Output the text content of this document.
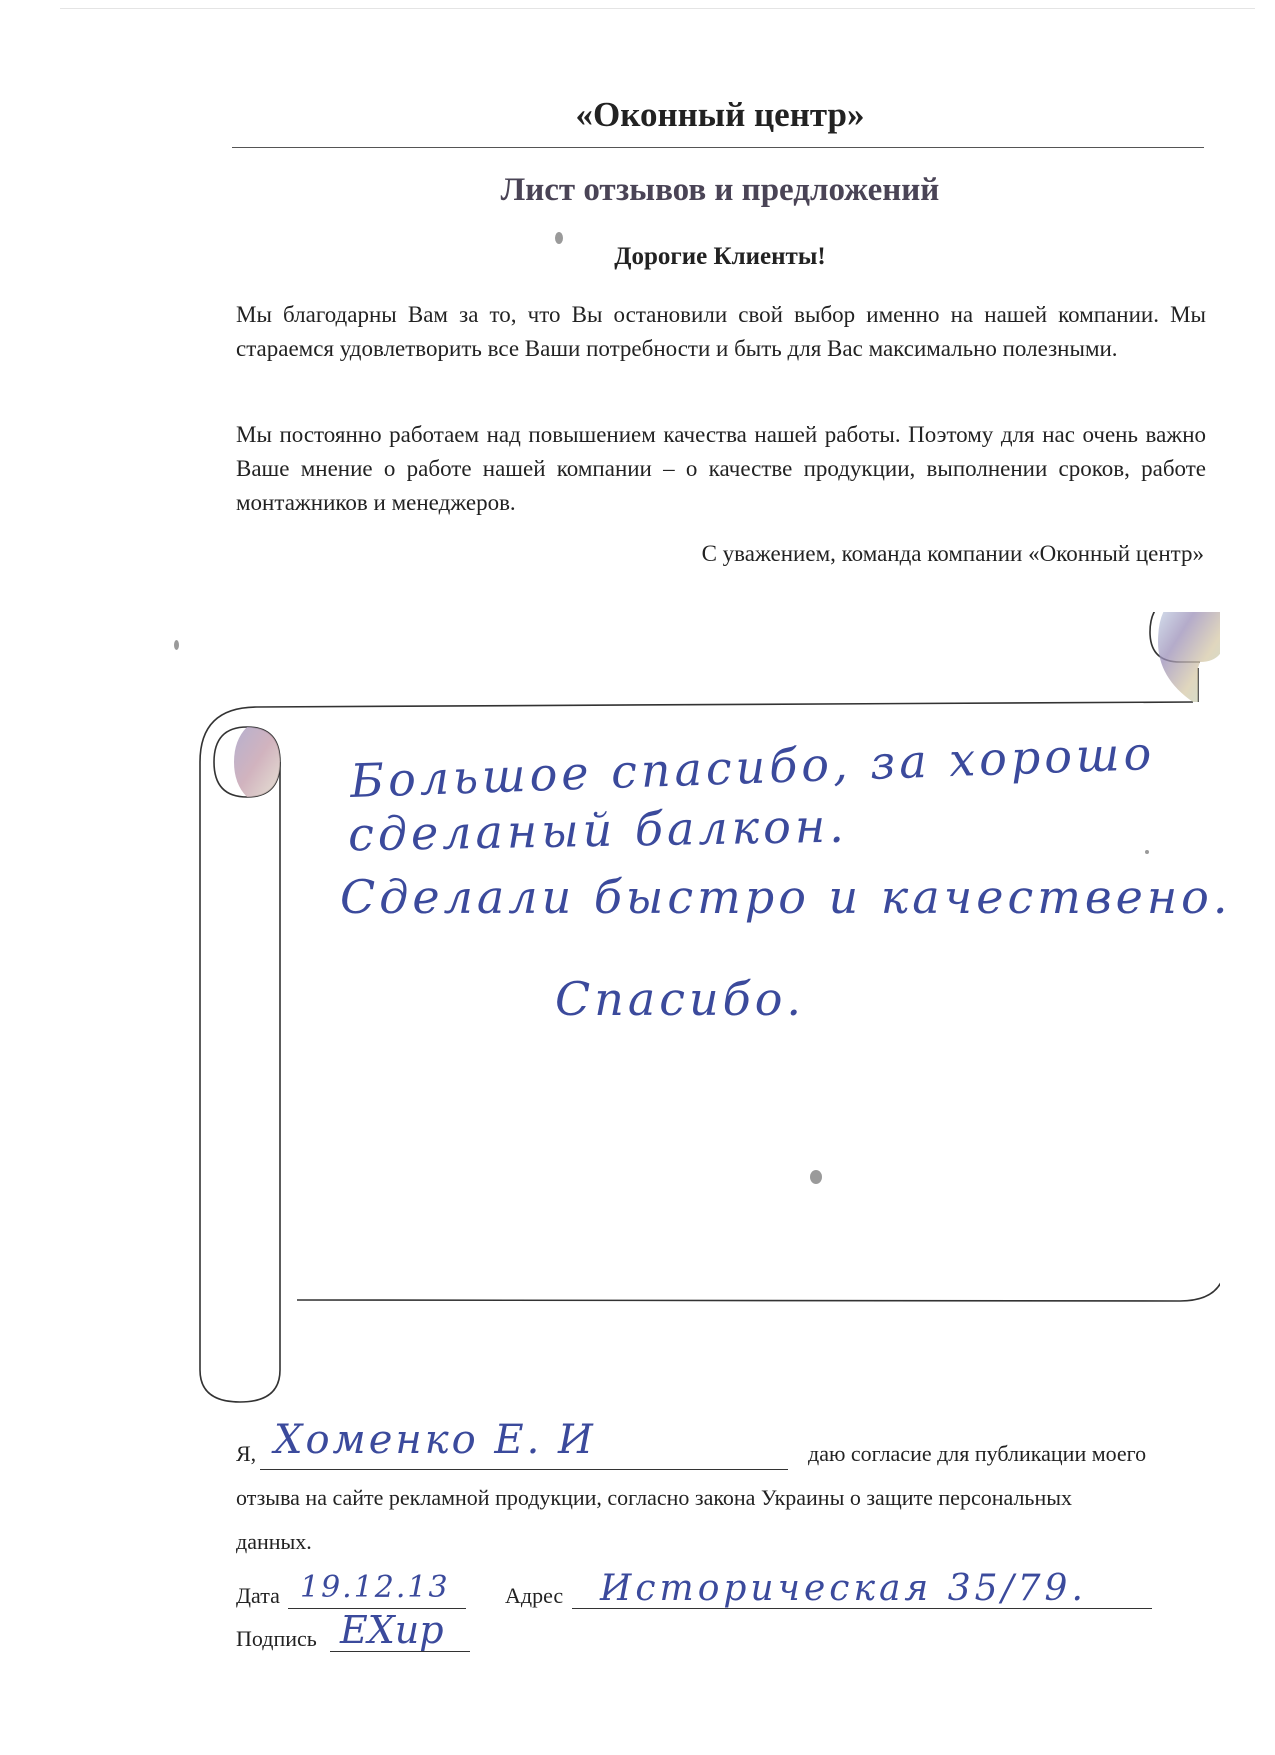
«Оконный центр»
Лист отзывов и предложений
Дорогие Клиенты!
Мы благодарны Вам за то, что Вы остановили свой выбор именно на нашей компании. Мы стараемся удовлетворить все Ваши потребности и быть для Вас максимально полезными.
Мы постоянно работаем над повышением качества нашей работы. Поэтому для нас очень важно Ваше мнение о работе нашей компании – о качестве продукции, выполнении сроков, работе монтажников и менеджеров.
С уважением, команда компании «Оконный центр»
Большое спасибо, за хорошо
сделаный балкон.
Сделали быстро и качествено.
Спасибо.
Я, Хоменко Е. И	даю согласие для публикации моего
отзыва на сайте рекламной продукции, согласно закона Украины о защите персональных
данных.
Дата 19.12.13	Адрес Историческая 35/79.
Подпись ЕХир
